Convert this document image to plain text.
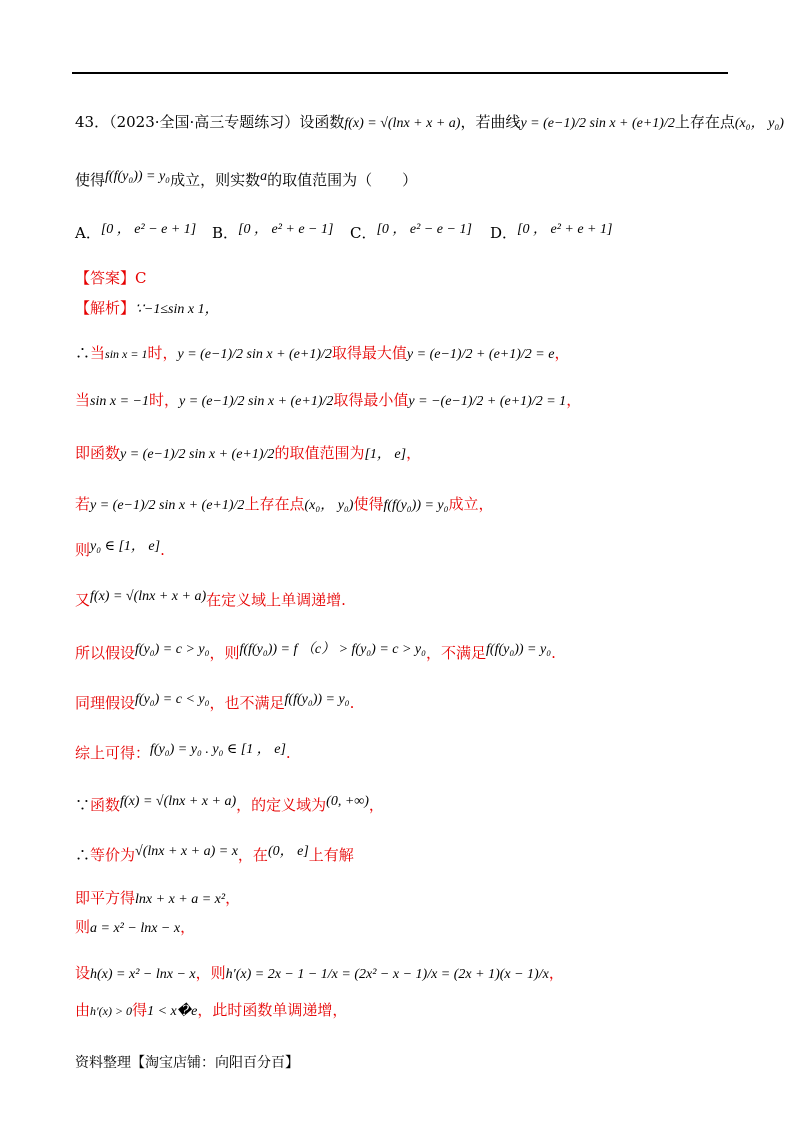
43．（2023·全国·高三专题练习）设函数f(x) = √(lnx + x + a)，若曲线y = (e−1)/2 sin x + (e+1)/2上存在点(x₀， y₀)
使得f(f(y₀)) = y₀成立，则实数a的取值范围为（　　）
A．[0 ， e² − e + 1] B．[0 ， e² + e − 1] C．[0 ， e² − e − 1] D．[0 ， e² + e + 1]
【答案】C
【解析】∵−1≤sin x 1，
∴当sin x = 1时，y = (e−1)/2 sin x + (e+1)/2取得最大值y = (e−1)/2 + (e+1)/2 = e，
当sin x = −1时，y = (e−1)/2 sin x + (e+1)/2取得最小值y = −(e−1)/2 + (e+1)/2 = 1，
即函数y = (e−1)/2 sin x + (e+1)/2的取值范围为[1， e]，
若y = (e−1)/2 sin x + (e+1)/2上存在点(x₀， y₀)使得f(f(y₀)) = y₀成立，
则y₀ ∈ [1， e].
又f(x) = √(lnx + x + a)在定义域上单调递增.
所以假设f(y₀) = c > y₀，则f(f(y₀)) = f （c） > f(y₀) = c > y₀，不满足f(f(y₀)) = y₀.
同理假设f(y₀) = c < y₀，也不满足f(f(y₀)) = y₀.
综上可得：f(y₀) = y₀ . y₀ ∈ [1 ， e].
∵函数f(x) = √(lnx + x + a)，的定义域为(0, +∞)，
∴等价为√(lnx + x + a) = x，在(0， e]上有解
即平方得lnx + x + a = x²，
则a = x² − lnx − x，
设h(x) = x² − lnx − x，则h′(x) = 2x − 1 − 1/x = (2x² − x − 1)/x = (2x + 1)(x − 1)/x，
由h′(x) > 0得1 < x�e，此时函数单调递增，
资料整理【淘宝店铺：向阳百分百】
